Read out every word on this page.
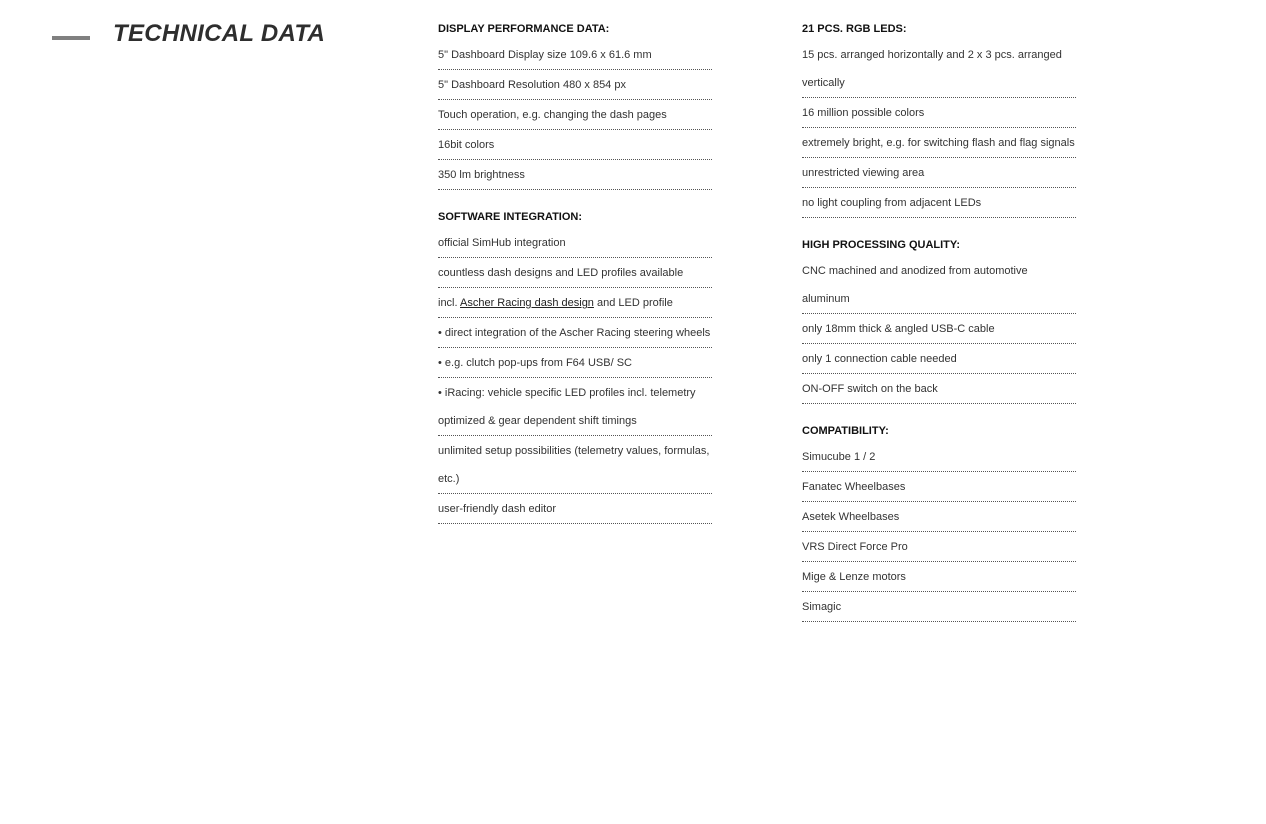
TECHNICAL DATA	DISPLAY PERFORMANCE DATA:
5" Dashboard Display size 109.6 x 61.6 mm
5" Dashboard Resolution 480 x 854 px
Touch operation, e.g. changing the dash pages
16bit colors
350 lm brightness
SOFTWARE INTEGRATION:
official SimHub integration
countless dash designs and LED profiles available
incl. Ascher Racing dash design and LED profile
• direct integration of the Ascher Racing steering wheels
• e.g. clutch pop-ups from F64 USB/ SC
• iRacing: vehicle specific LED profiles incl. telemetry optimized & gear dependent shift timings
unlimited setup possibilities (telemetry values, formulas, etc.)
user-friendly dash editor
21 PCS. RGB LEDS:
15 pcs. arranged horizontally and 2 x 3 pcs. arranged vertically
16 million possible colors
extremely bright, e.g. for switching flash and flag signals
unrestricted viewing area
no light coupling from adjacent LEDs
HIGH PROCESSING QUALITY:
CNC machined and anodized from automotive aluminum
only 18mm thick & angled USB-C cable
only 1 connection cable needed
ON-OFF switch on the back
COMPATIBILITY:
Simucube 1 / 2
Fanatec Wheelbases
Asetek Wheelbases
VRS Direct Force Pro
Mige & Lenze motors
Simagic
